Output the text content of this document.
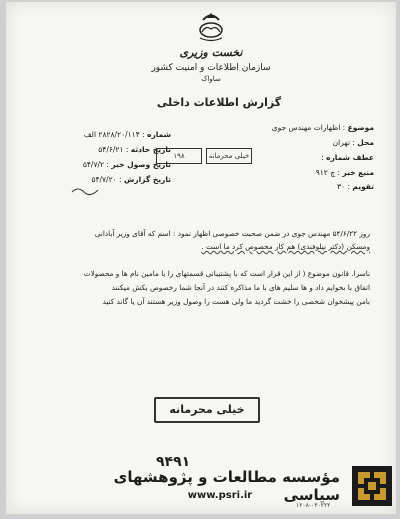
نخست وزیری
سازمان اطلاعات و امنیت کشور
ساواک
گزارش اطلاعات داخلی
موضوع : اظهارات مهندس جوی
محل : تهران
عطف شماره :
منبع خبر : چ ۹۱۲
تقویم : ۳۰
شماره : ۲۸۲۸/۲۰/۱۱۴ الف
تاریخ حادثه : ۵۴/۶/۲۱
تاریخ وصول خبر : ۵۴/۷/۲
تاریخ گزارش : ۵۴/۷/۲۰
خیلی محرمانه
۱۹۸
روز ۵۴/۶/۲۲ مهندس جوی در ضمن صحبت خصوصی اظهار نمود : اسم که آقای وزیر آبادانی
ومسکن (دکتر نیلوفندی) هم کار مخصوص کرد ما است .
ناسرا. قانون موضوع ( از این قرار است که با پشتیبانی قسمتهای را با مامین نام ها و محصولات
اتفاق با بخوایم داد و ها سلیم های با ما مذاکره کنند در آنجا شما رخصوص بکش میکنند
بامن پیشخوان شخصی را خشت گردید ما ولی هست را وصول وزیر هستند آن یا گاند کنید
خیلی محرمانه
۹۴۹۱
۱۲۰۸-۰۳۰۲۲۲
مؤسسه مطالعات و پژوهشهای سیاسی
www.psri.ir
